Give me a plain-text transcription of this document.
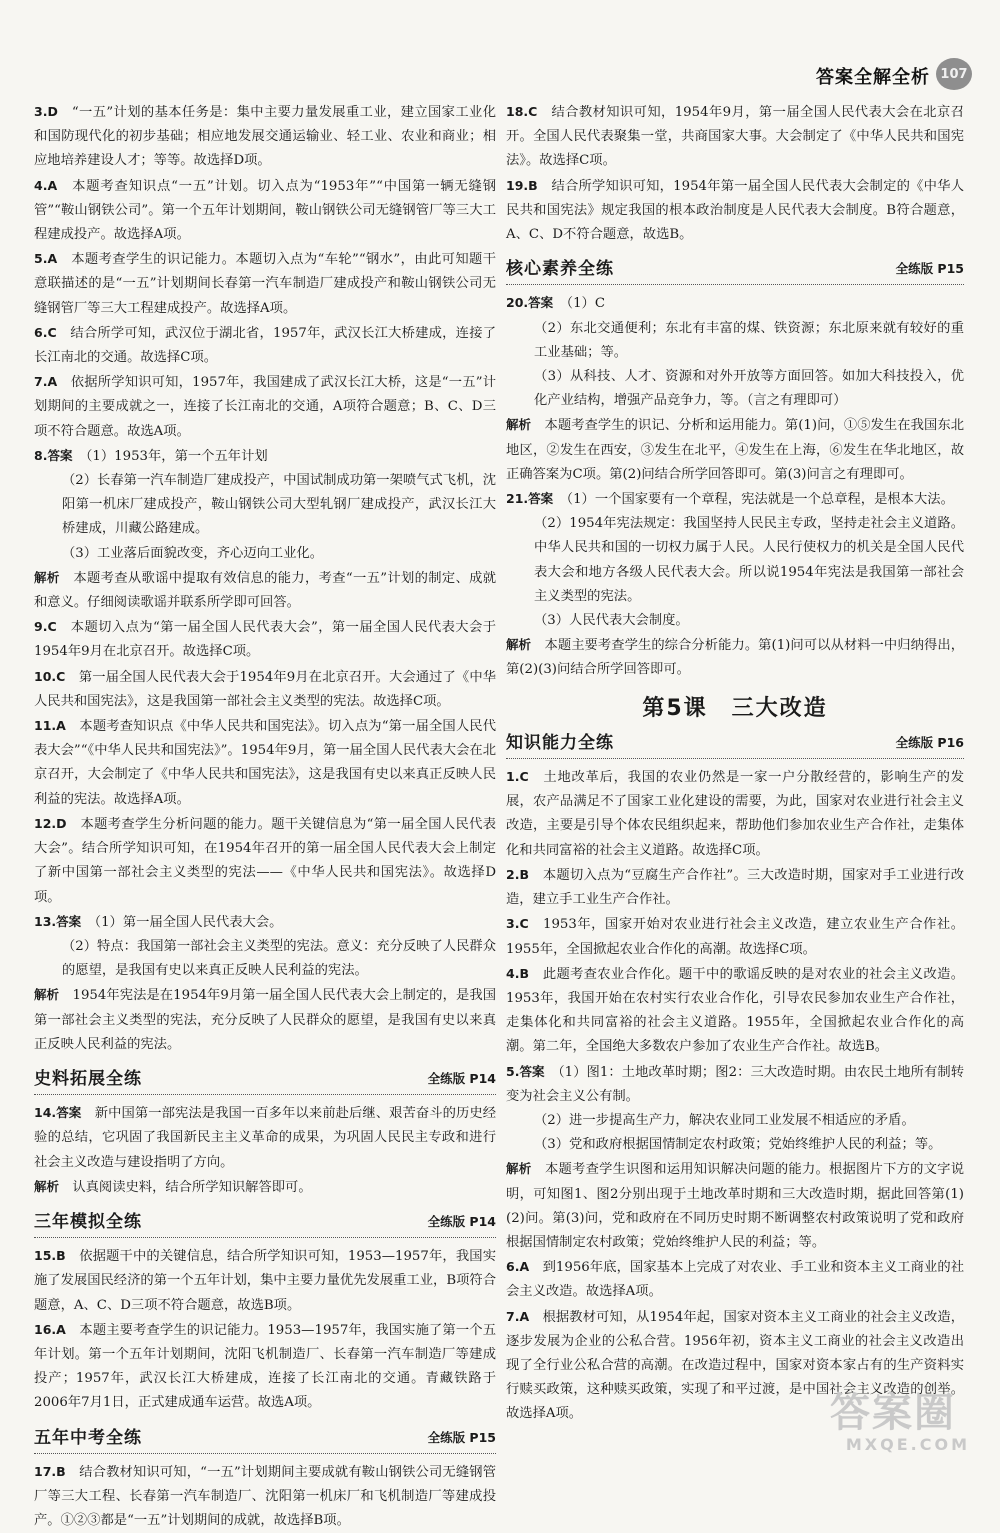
答案全解全析 107

3.D　 “一五”计划的基本任务是：集中主要力量发展重工业，建立国家工业化和国防现代化的初步基础；相应地发展交通运输业、轻工业、农业和商业；相应地培养建设人才；等等。故选择D项。

4.A　 本题考查知识点“一五”计划。切入点为“1953年”“中国第一辆无缝钢管”“鞍山钢铁公司”。第一个五年计划期间，鞍山钢铁公司无缝钢管厂等三大工程建成投产。故选择A项。

5.A　 本题考查学生的识记能力。本题切入点为“车轮”“钢水”，由此可知题干意联描述的是“一五”计划期间长春第一汽车制造厂建成投产和鞍山钢铁公司无缝钢管厂等三大工程建成投产。故选择A项。

6.C　 结合所学可知，武汉位于湖北省，1957年，武汉长江大桥建成，连接了长江南北的交通。故选择C项。

7.A　 依据所学知识可知，1957年，我国建成了武汉长江大桥，这是“一五”计划期间的主要成就之一，连接了长江南北的交通，A项符合题意；B、C、D三项不符合题意。故选A项。

8.答案　 （1）1953年，第一个五年计划

（2）长春第一汽车制造厂建成投产，中国试制成功第一架喷气式飞机，沈阳第一机床厂建成投产，鞍山钢铁公司大型轧钢厂建成投产，武汉长江大桥建成，川藏公路建成。

（3）工业落后面貌改变，齐心迈向工业化。

解析　 本题考查从歌谣中提取有效信息的能力，考查“一五”计划的制定、成就和意义。仔细阅读歌谣并联系所学即可回答。

9.C　 本题切入点为“第一届全国人民代表大会”，第一届全国人民代表大会于1954年9月在北京召开。故选择C项。

10.C　 第一届全国人民代表大会于1954年9月在北京召开。大会通过了《中华人民共和国宪法》，这是我国第一部社会主义类型的宪法。故选择C项。

11.A　 本题考查知识点《中华人民共和国宪法》。切入点为“第一届全国人民代表大会”“《中华人民共和国宪法》”。1954年9月，第一届全国人民代表大会在北京召开，大会制定了《中华人民共和国宪法》，这是我国有史以来真正反映人民利益的宪法。故选择A项。

12.D　 本题考查学生分析问题的能力。题干关键信息为“第一届全国人民代表大会”。结合所学知识可知，在1954年召开的第一届全国人民代表大会上制定了新中国第一部社会主义类型的宪法——《中华人民共和国宪法》。故选择D项。

13.答案　 （1）第一届全国人民代表大会。

（2）特点：我国第一部社会主义类型的宪法。意义：充分反映了人民群众的愿望，是我国有史以来真正反映人民利益的宪法。

解析　 1954年宪法是在1954年9月第一届全国人民代表大会上制定的，是我国第一部社会主义类型的宪法，充分反映了人民群众的愿望，是我国有史以来真正反映人民利益的宪法。

史料拓展全练	全练版 P14

14.答案　 新中国第一部宪法是我国一百多年以来前赴后继、艰苦奋斗的历史经验的总结，它巩固了我国新民主主义革命的成果，为巩固人民民主专政和进行社会主义改造与建设指明了方向。

解析　 认真阅读史料，结合所学知识解答即可。

三年模拟全练	全练版 P14

15.B　 依据题干中的关键信息，结合所学知识可知，1953—1957年，我国实施了发展国民经济的第一个五年计划，集中主要力量优先发展重工业，B项符合题意，A、C、D三项不符合题意，故选B项。

16.A　 本题主要考查学生的识记能力。1953—1957年，我国实施了第一个五年计划。第一个五年计划期间，沈阳飞机制造厂、长春第一汽车制造厂等建成投产；1957年，武汉长江大桥建成，连接了长江南北的交通。青藏铁路于2006年7月1日，正式建成通车运营。故选A项。

五年中考全练	全练版 P15

17.B　 结合教材知识可知，“一五”计划期间主要成就有鞍山钢铁公司无缝钢管厂等三大工程、长春第一汽车制造厂、沈阳第一机床厂和飞机制造厂等建成投产。①②③都是“一五”计划期间的成就，故选择B项。

18.C　 结合教材知识可知，1954年9月，第一届全国人民代表大会在北京召开。全国人民代表聚集一堂，共商国家大事。大会制定了《中华人民共和国宪法》。故选择C项。

19.B　 结合所学知识可知，1954年第一届全国人民代表大会制定的《中华人民共和国宪法》规定我国的根本政治制度是人民代表大会制度。B符合题意，A、C、D不符合题意，故选B。

核心素养全练	全练版 P15

20.答案　 （1）C

（2）东北交通便利；东北有丰富的煤、铁资源；东北原来就有较好的重工业基础；等。

（3）从科技、人才、资源和对外开放等方面回答。如加大科技投入，优化产业结构，增强产品竞争力，等。（言之有理即可）

解析　 本题考查学生的识记、分析和运用能力。第(1)问，①⑤发生在我国东北地区，②发生在西安，③发生在北平，④发生在上海，⑥发生在华北地区，故正确答案为C项。第(2)问结合所学回答即可。第(3)问言之有理即可。

21.答案　 （1）一个国家要有一个章程，宪法就是一个总章程，是根本大法。

（2）1954年宪法规定：我国坚持人民民主专政，坚持走社会主义道路。中华人民共和国的一切权力属于人民。人民行使权力的机关是全国人民代表大会和地方各级人民代表大会。所以说1954年宪法是我国第一部社会主义类型的宪法。

（3）人民代表大会制度。

解析　 本题主要考查学生的综合分析能力。第(1)问可以从材料一中归纳得出，第(2)(3)问结合所学回答即可。

第5课　三大改造
知识能力全练	全练版 P16

1.C　 土地改革后，我国的农业仍然是一家一户分散经营的，影响生产的发展，农产品满足不了国家工业化建设的需要，为此，国家对农业进行社会主义改造，主要是引导个体农民组织起来，帮助他们参加农业生产合作社，走集体化和共同富裕的社会主义道路。故选择C项。

2.B　 本题切入点为“豆腐生产合作社”。三大改造时期，国家对手工业进行改造，建立手工业生产合作社。

3.C　 1953年，国家开始对农业进行社会主义改造，建立农业生产合作社。1955年，全国掀起农业合作化的高潮。故选择C项。

4.B　 此题考查农业合作化。题干中的歌谣反映的是对农业的社会主义改造。1953年，我国开始在农村实行农业合作化，引导农民参加农业生产合作社，走集体化和共同富裕的社会主义道路。1955年，全国掀起农业合作化的高潮。第二年，全国绝大多数农户参加了农业生产合作社。故选B。

5.答案　 （1）图1：土地改革时期；图2：三大改造时期。由农民土地所有制转变为社会主义公有制。

（2）进一步提高生产力，解决农业同工业发展不相适应的矛盾。

（3）党和政府根据国情制定农村政策；党始终维护人民的利益；等。

解析　 本题考查学生识图和运用知识解决问题的能力。根据图片下方的文字说明，可知图1、图2分别出现于土地改革时期和三大改造时期，据此回答第(1)(2)问。第(3)问，党和政府在不同历史时期不断调整农村政策说明了党和政府根据国情制定农村政策；党始终维护人民的利益；等。

6.A　 到1956年底，国家基本上完成了对农业、手工业和资本主义工商业的社会主义改造。故选择A项。

7.A　 根据教材可知，从1954年起，国家对资本主义工商业的社会主义改造，逐步发展为企业的公私合营。1956年初，资本主义工商业的社会主义改造出现了全行业公私合营的高潮。在改造过程中，国家对资本家占有的生产资料实行赎买政策，这种赎买政策，实现了和平过渡，是中国社会主义改造的创举。故选择A项。	答案圈
MXQE.COM
